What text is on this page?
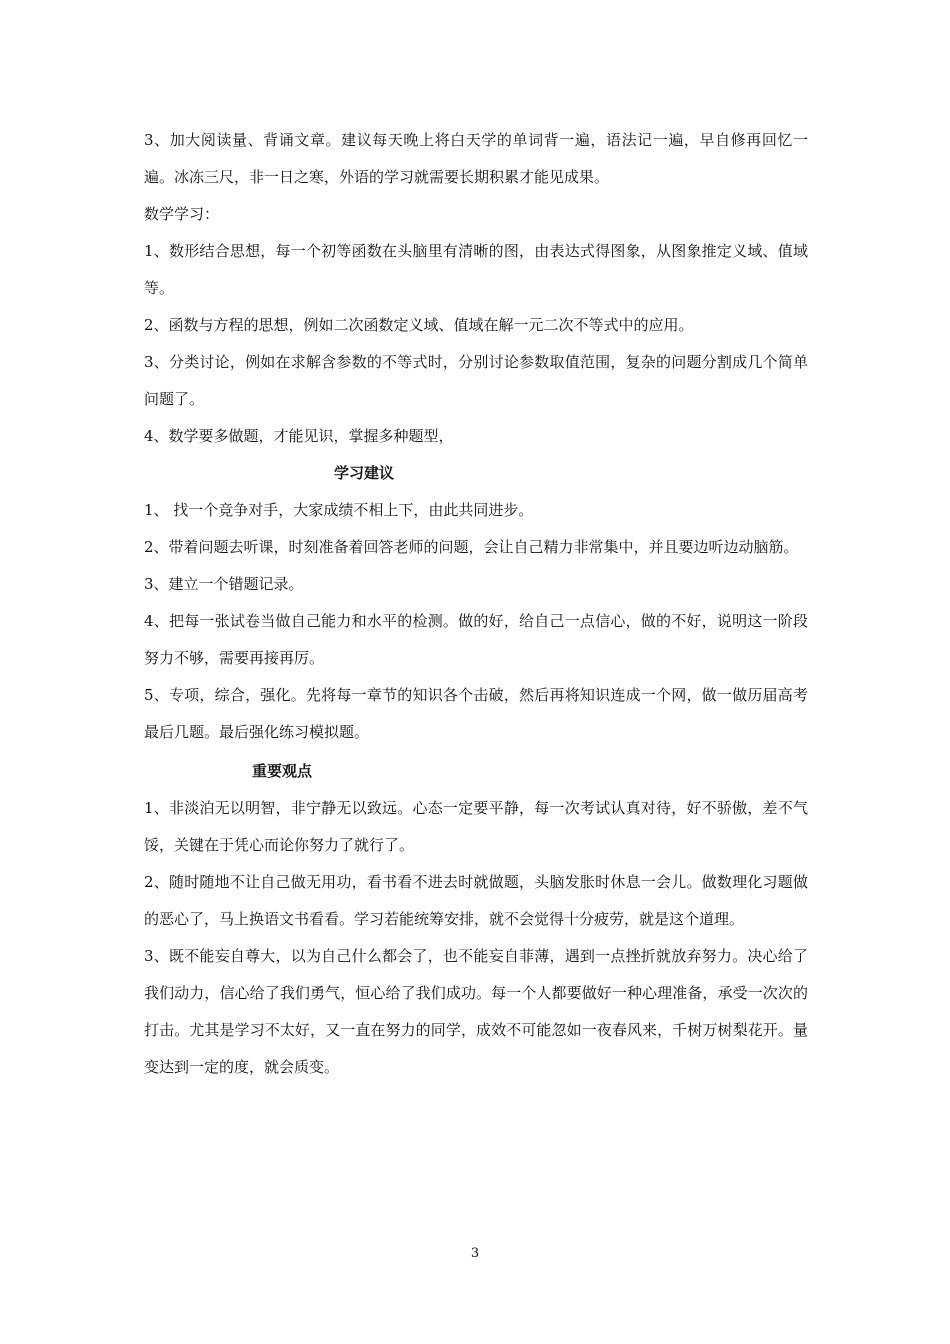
3、加大阅读量、背诵文章。建议每天晚上将白天学的单词背一遍，语法记一遍，早自修再回忆一遍。冰冻三尺，非一日之寒，外语的学习就需要长期积累才能见成果。

数学学习：

1、数形结合思想，每一个初等函数在头脑里有清晰的图，由表达式得图象，从图象推定义域、值域等。

2、函数与方程的思想，例如二次函数定义域、值域在解一元二次不等式中的应用。

3、分类讨论，例如在求解含参数的不等式时，分别讨论参数取值范围，复杂的问题分割成几个简单问题了。

4、数学要多做题，才能见识，掌握多种题型，

学习建议

1、 找一个竞争对手，大家成绩不相上下，由此共同进步。

2、带着问题去听课，时刻准备着回答老师的问题，会让自己精力非常集中，并且要边听边动脑筋。

3、建立一个错题记录。

4、把每一张试卷当做自己能力和水平的检测。做的好，给自己一点信心，做的不好，说明这一阶段努力不够，需要再接再厉。

5、专项，综合，强化。先将每一章节的知识各个击破，然后再将知识连成一个网，做一做历届高考最后几题。最后强化练习模拟题。

重要观点

1、非淡泊无以明智，非宁静无以致远。心态一定要平静，每一次考试认真对待，好不骄傲，差不气馁，关键在于凭心而论你努力了就行了。

2、随时随地不让自己做无用功，看书看不进去时就做题，头脑发胀时休息一会儿。做数理化习题做的恶心了，马上换语文书看看。学习若能统筹安排，就不会觉得十分疲劳，就是这个道理。

3、既不能妄自尊大，以为自己什么都会了，也不能妄自菲薄，遇到一点挫折就放弃努力。决心给了我们动力，信心给了我们勇气，恒心给了我们成功。每一个人都要做好一种心理准备，承受一次次的打击。尤其是学习不太好，又一直在努力的同学，成效不可能忽如一夜春风来，千树万树梨花开。量变达到一定的度，就会质变。

3
